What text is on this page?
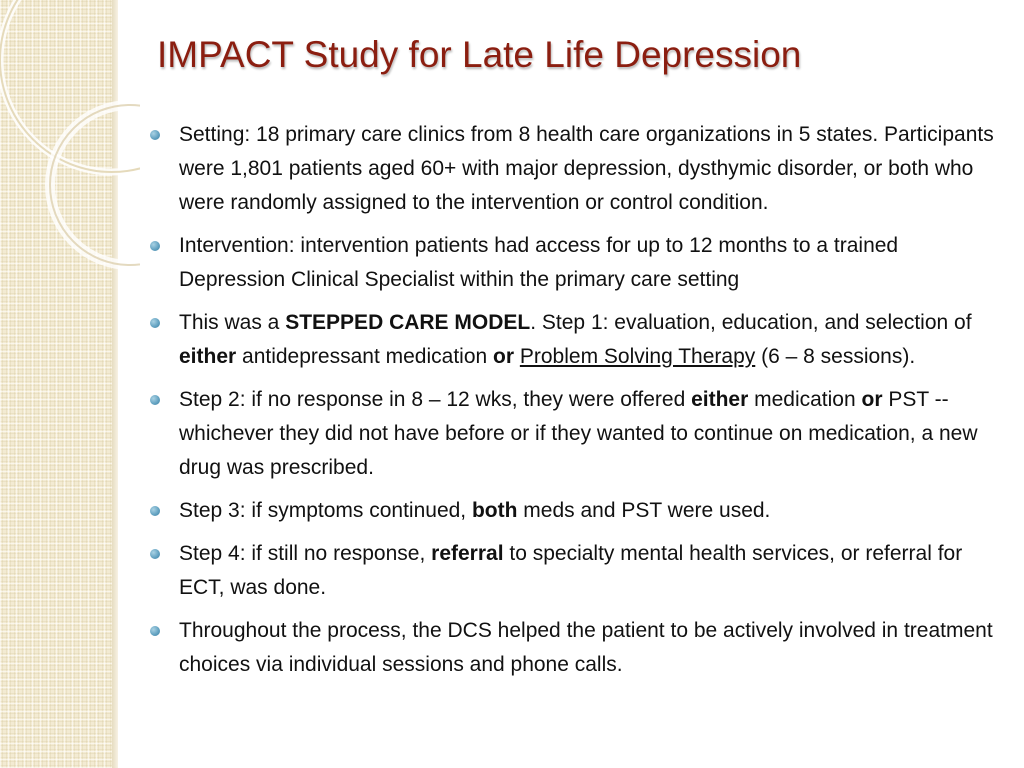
IMPACT Study for Late Life Depression
Setting: 18 primary care clinics from 8 health care organizations in 5 states. Participants were 1,801 patients aged 60+ with major depression, dysthymic disorder, or both who were randomly assigned to the intervention or control condition.
Intervention: intervention patients had access for up to 12 months to a trained Depression Clinical Specialist within the primary care setting
This was a STEPPED CARE MODEL. Step 1: evaluation, education, and selection of either antidepressant medication or Problem Solving Therapy (6 – 8 sessions).
Step 2: if no response in 8 – 12 wks, they were offered either medication or PST -- whichever they did not have before or if they wanted to continue on medication, a new drug was prescribed.
Step 3: if symptoms continued, both meds and PST were used.
Step 4: if still no response, referral to specialty mental health services, or referral for ECT, was done.
Throughout the process, the DCS helped the patient to be actively involved in treatment choices via individual sessions and phone calls.
